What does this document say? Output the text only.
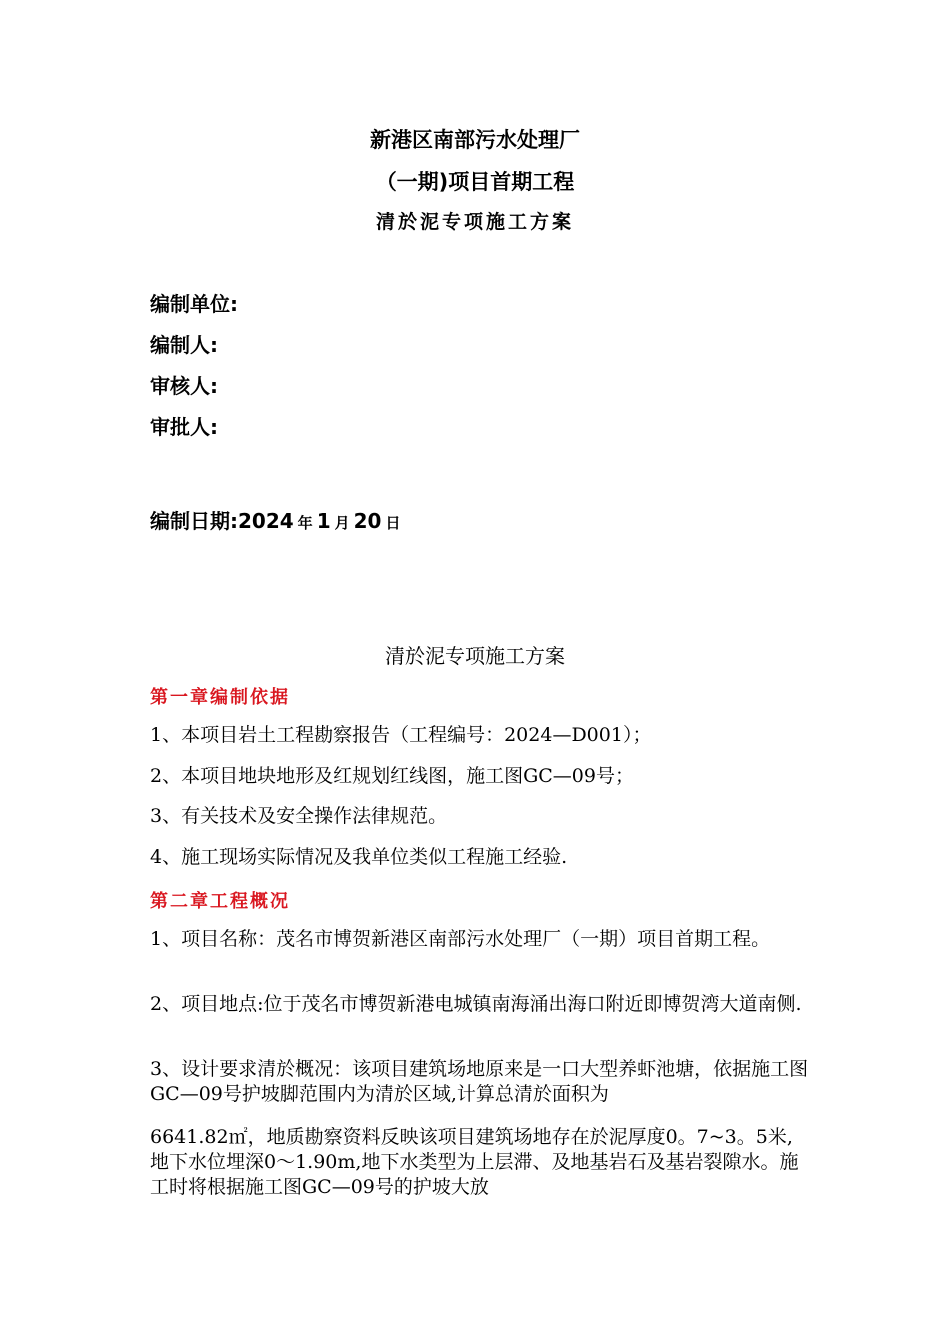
新港区南部污水处理厂
（一期)项目首期工程
清於泥专项施工方案
编制单位:
编制人:
审核人:
审批人:
编制日期:2024 年 1 月 20 日
清於泥专项施工方案
第一章编制依据
1、本项目岩土工程勘察报告（工程编号：2024—D001）；
2、本项目地块地形及红规划红线图，施工图GC—09号；
3、有关技术及安全操作法律规范。
4、施工现场实际情况及我单位类似工程施工经验.
第二章工程概况
1、项目名称：茂名市博贺新港区南部污水处理厂（一期）项目首期工程。
2、项目地点:位于茂名市博贺新港电城镇南海涌出海口附近即博贺湾大道南侧.
3、设计要求清於概况：该项目建筑场地原来是一口大型养虾池塘，依据施工图GC—09号护坡脚范围内为清於区域,计算总清於面积为
6641.82㎡，地质勘察资料反映该项目建筑场地存在於泥厚度0。7~3。5米,地下水位埋深0～1.90m,地下水类型为上层滞、及地基岩石及基岩裂隙水。施工时将根据施工图GC—09号的护坡大放
